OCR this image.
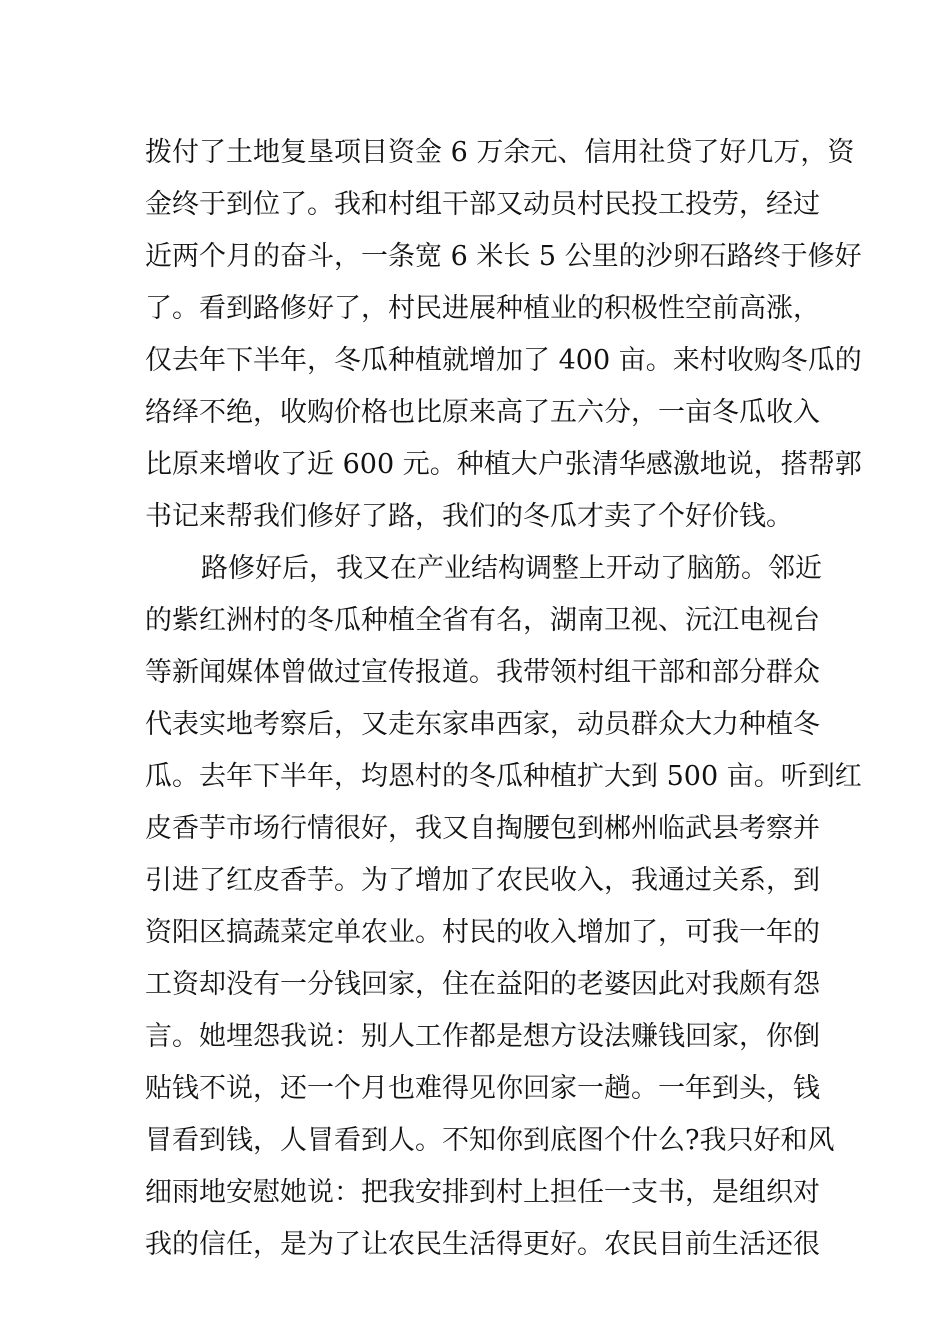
拨付了土地复垦项目资金 6 万余元、信用社贷了好几万，资
金终于到位了。我和村组干部又动员村民投工投劳，经过
近两个月的奋斗，一条宽 6 米长 5 公里的沙卵石路终于修好
了。看到路修好了，村民进展种植业的积极性空前高涨，
仅去年下半年，冬瓜种植就增加了 400 亩。来村收购冬瓜的
络绎不绝，收购价格也比原来高了五六分，一亩冬瓜收入
比原来增收了近 600 元。种植大户张清华感激地说，搭帮郭
书记来帮我们修好了路，我们的冬瓜才卖了个好价钱。
路修好后，我又在产业结构调整上开动了脑筋。邻近
的紫红洲村的冬瓜种植全省有名，湖南卫视、沅江电视台
等新闻媒体曾做过宣传报道。我带领村组干部和部分群众
代表实地考察后，又走东家串西家，动员群众大力种植冬
瓜。去年下半年，均恩村的冬瓜种植扩大到 500 亩。听到红
皮香芋市场行情很好，我又自掏腰包到郴州临武县考察并
引进了红皮香芋。为了增加了农民收入，我通过关系，到
资阳区搞蔬菜定单农业。村民的收入增加了，可我一年的
工资却没有一分钱回家，住在益阳的老婆因此对我颇有怨
言。她埋怨我说：别人工作都是想方设法赚钱回家，你倒
贴钱不说，还一个月也难得见你回家一趟。一年到头，钱
冒看到钱，人冒看到人。不知你到底图个什么?我只好和风
细雨地安慰她说：把我安排到村上担任一支书，是组织对
我的信任，是为了让农民生活得更好。农民目前生活还很
